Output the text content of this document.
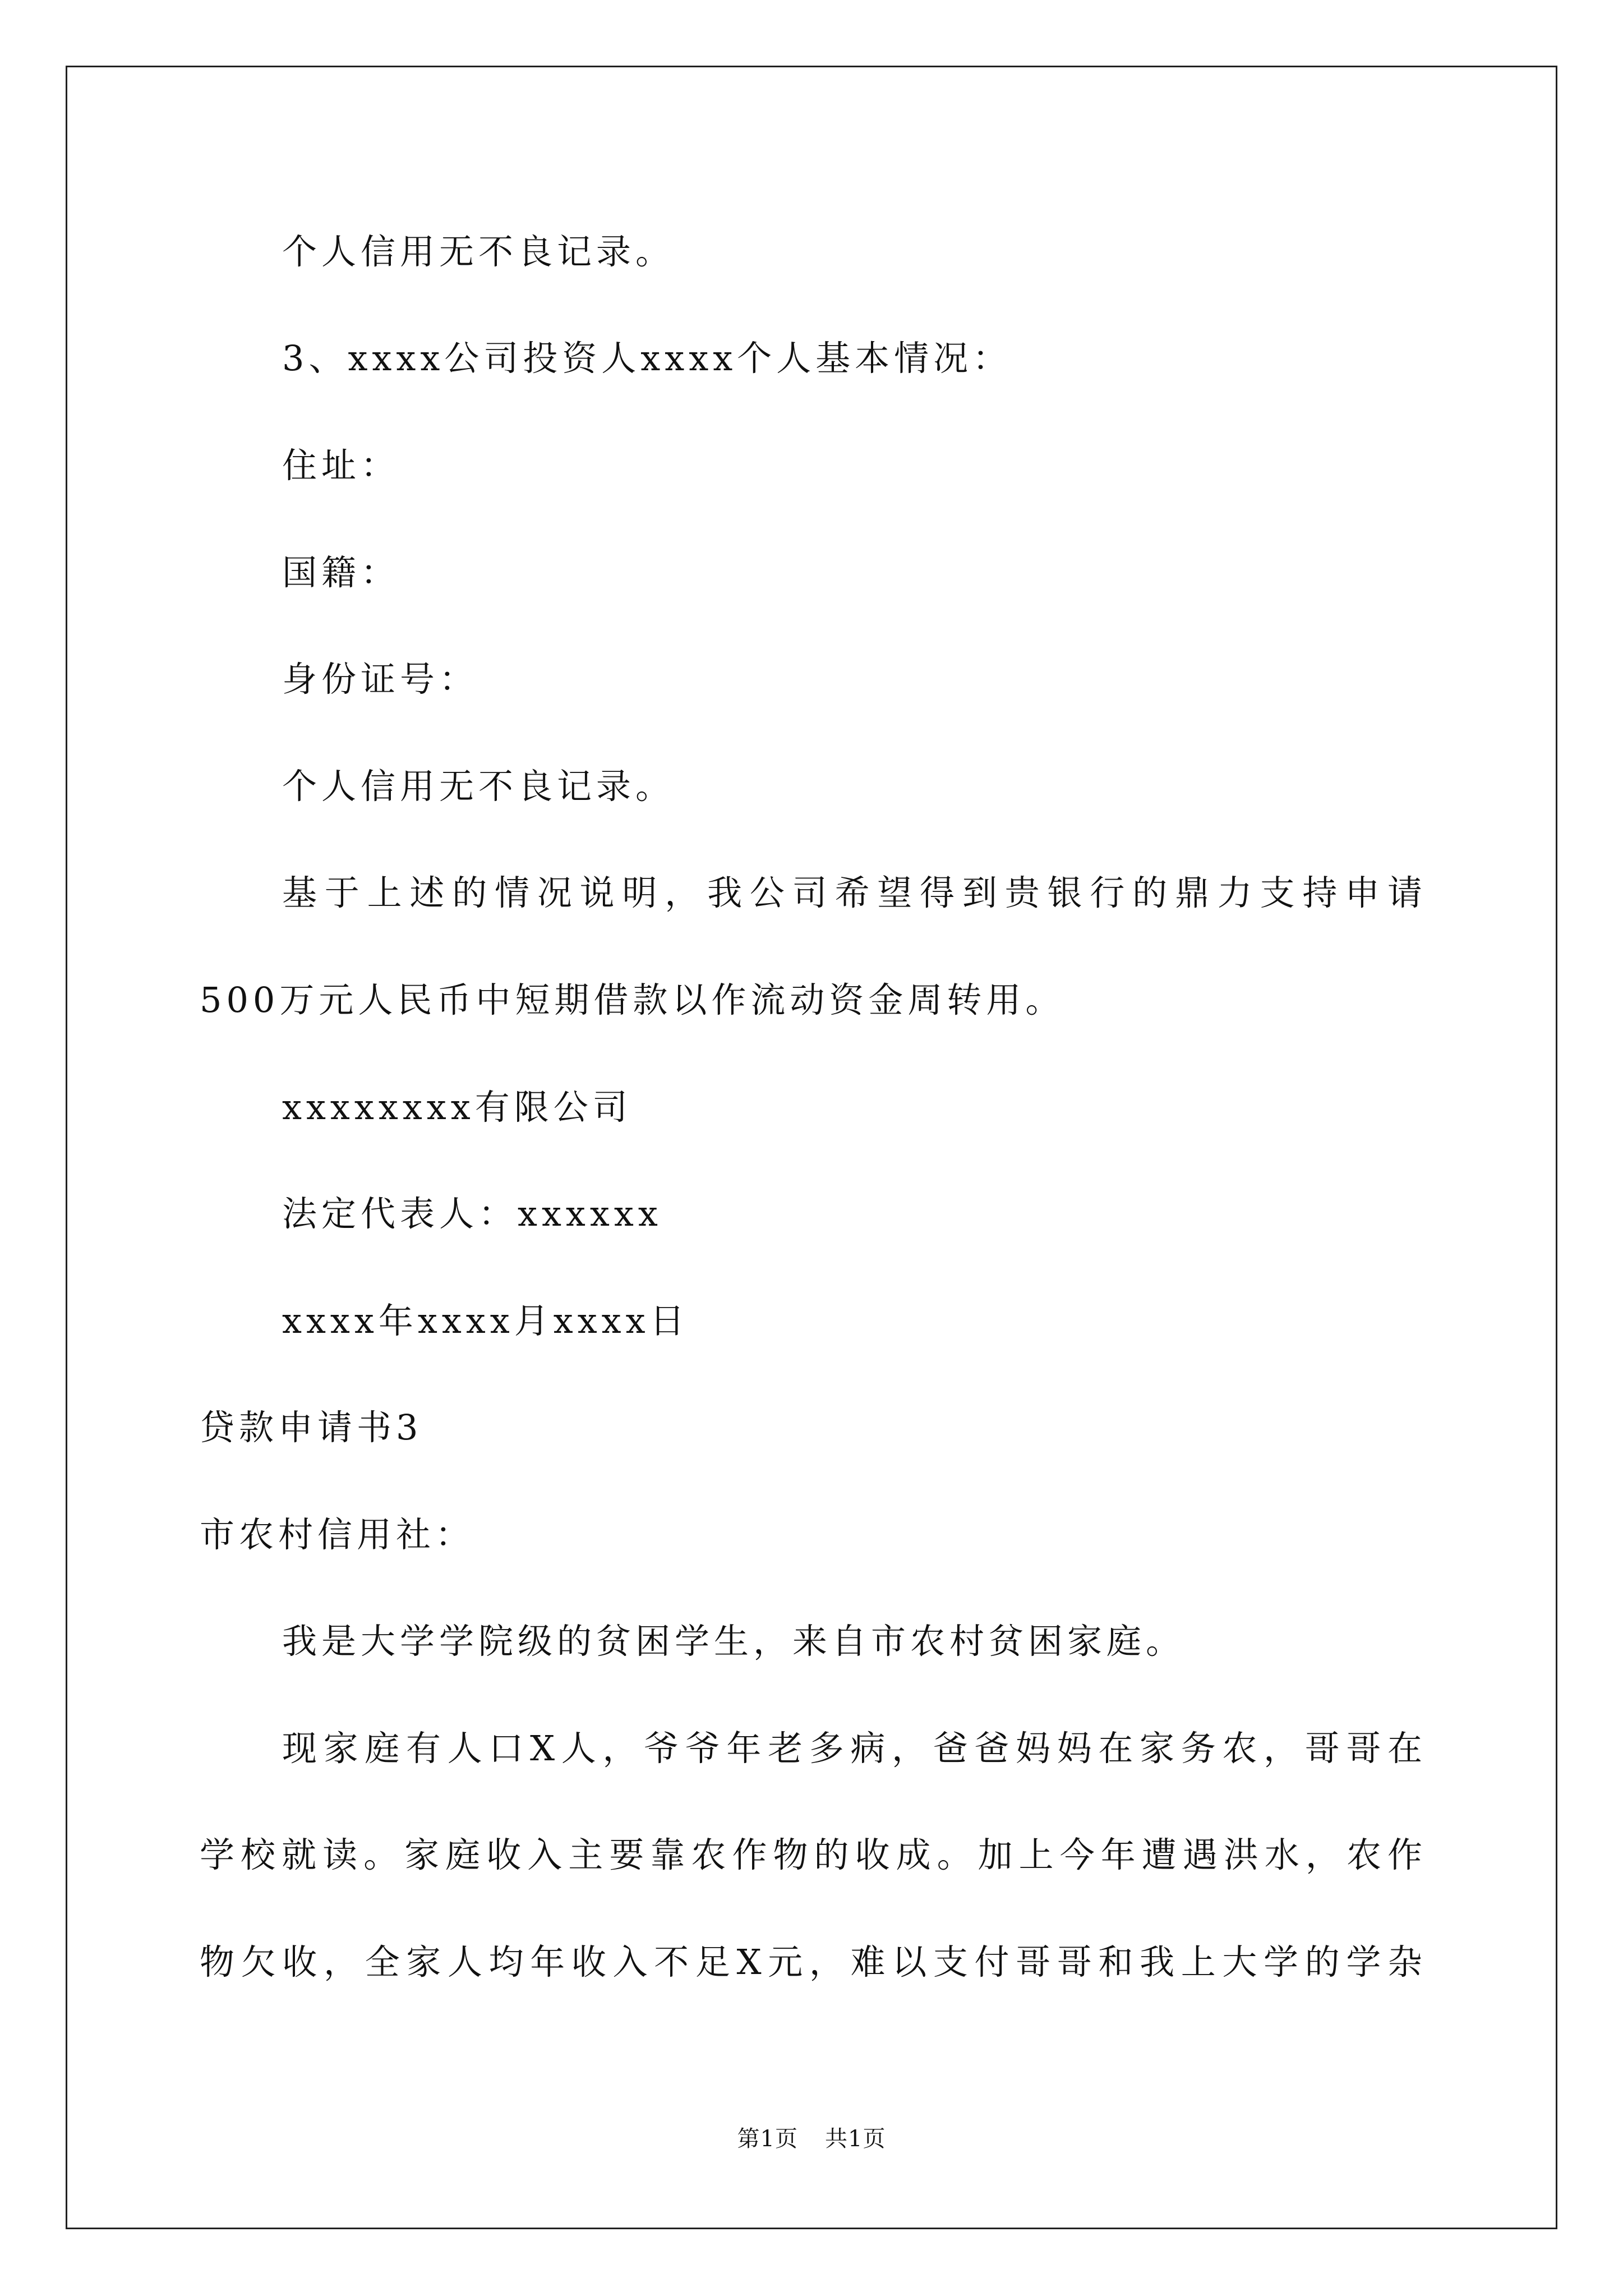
个人信用无不良记录。
3、xxxx公司投资人xxxx个人基本情况：
住址：
国籍：
身份证号：
个人信用无不良记录。
基于上述的情况说明，我公司希望得到贵银行的鼎力支持申请
500万元人民币中短期借款以作流动资金周转用。
xxxxxxxx有限公司
法定代表人：xxxxxx
xxxx年xxxx月xxxx日
贷款申请书3
市农村信用社：
我是大学学院级的贫困学生，来自市农村贫困家庭。
现家庭有人口X人，爷爷年老多病，爸爸妈妈在家务农，哥哥在
学校就读。家庭收入主要靠农作物的收成。加上今年遭遇洪水，农作
物欠收，全家人均年收入不足X元，难以支付哥哥和我上大学的学杂
第1页 共1页
